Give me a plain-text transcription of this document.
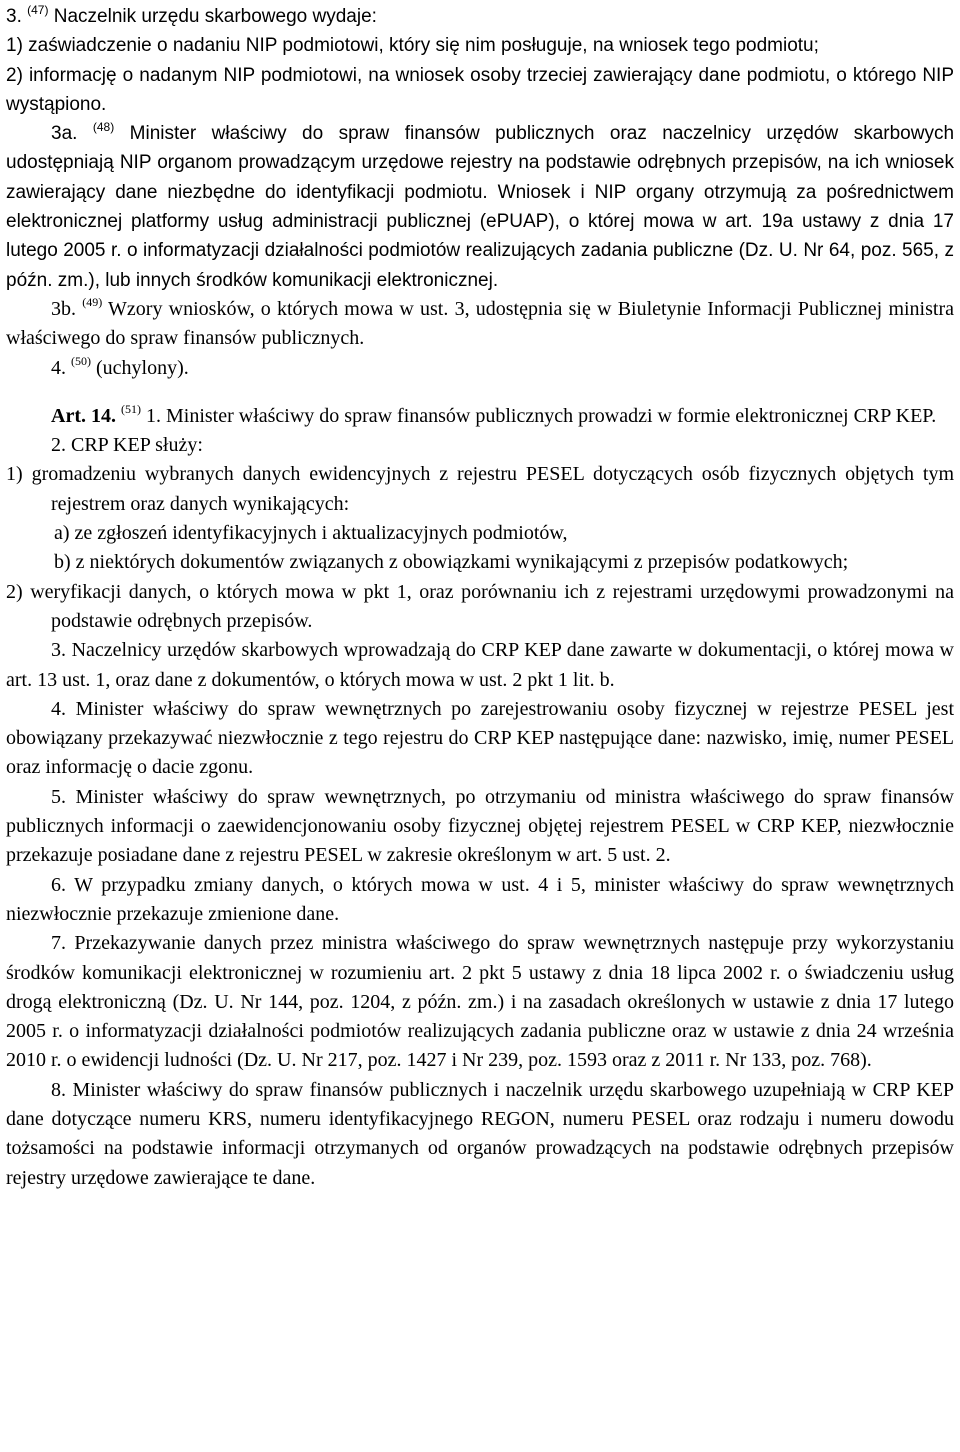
3. $^{(47)}$ Naczelnik urzędu skarbowego wydaje:

1) zaświadczenie o nadaniu NIP podmiotowi, który się nim posługuje, na wniosek tego podmiotu;

2) informację o nadanym NIP podmiotowi, na wniosek osoby trzeciej zawierający dane podmiotu, o którego NIP wystąpiono.

3a. $^{(48)}$ Minister właściwy do spraw finansów publicznych oraz naczelnicy urzędów skarbowych udostępniają NIP organom prowadzącym urzędowe rejestry na podstawie odrębnych przepisów, na ich wniosek zawierający dane niezbędne do identyfikacji podmiotu. Wniosek i NIP organy otrzymują za pośrednictwem elektronicznej platformy usług administracji publicznej (ePUAP), o której mowa w art. 19a ustawy z dnia 17 lutego 2005 r. o informatyzacji działalności podmiotów realizujących zadania publiczne (Dz. U. Nr 64, poz. 565, z późn. zm.), lub innych środków komunikacji elektronicznej.

3b. $^{(49)}$ Wzory wniosków, o których mowa w ust. 3, udostępnia się w Biuletynie Informacji Publicznej ministra właściwego do spraw finansów publicznych.

4. $^{(50)}$ (uchylony).

Art. 14. $^{(51)}$ 1. Minister właściwy do spraw finansów publicznych prowadzi w formie elektronicznej CRP KEP.

2. CRP KEP służy:

1) gromadzeniu wybranych danych ewidencyjnych z rejestru PESEL dotyczących osób fizycznych objętych tym rejestrem oraz danych wynikających:

a) ze zgłoszeń identyfikacyjnych i aktualizacyjnych podmiotów,

b) z niektórych dokumentów związanych z obowiązkami wynikającymi z przepisów podatkowych;

2) weryfikacji danych, o których mowa w pkt 1, oraz porównaniu ich z rejestrami urzędowymi prowadzonymi na podstawie odrębnych przepisów.

3. Naczelnicy urzędów skarbowych wprowadzają do CRP KEP dane zawarte w dokumentacji, o której mowa w art. 13 ust. 1, oraz dane z dokumentów, o których mowa w ust. 2 pkt 1 lit. b.

4. Minister właściwy do spraw wewnętrznych po zarejestrowaniu osoby fizycznej w rejestrze PESEL jest obowiązany przekazywać niezwłocznie z tego rejestru do CRP KEP następujące dane: nazwisko, imię, numer PESEL oraz informację o dacie zgonu.

5. Minister właściwy do spraw wewnętrznych, po otrzymaniu od ministra właściwego do spraw finansów publicznych informacji o zaewidencjonowaniu osoby fizycznej objętej rejestrem PESEL w CRP KEP, niezwłocznie przekazuje posiadane dane z rejestru PESEL w zakresie określonym w art. 5 ust. 2.

6. W przypadku zmiany danych, o których mowa w ust. 4 i 5, minister właściwy do spraw wewnętrznych niezwłocznie przekazuje zmienione dane.

7. Przekazywanie danych przez ministra właściwego do spraw wewnętrznych następuje przy wykorzystaniu środków komunikacji elektronicznej w rozumieniu art. 2 pkt 5 ustawy z dnia 18 lipca 2002 r. o świadczeniu usług drogą elektroniczną (Dz. U. Nr 144, poz. 1204, z późn. zm.) i na zasadach określonych w ustawie z dnia 17 lutego 2005 r. o informatyzacji działalności podmiotów realizujących zadania publiczne oraz w ustawie z dnia 24 września 2010 r. o ewidencji ludności (Dz. U. Nr 217, poz. 1427 i Nr 239, poz. 1593 oraz z 2011 r. Nr 133, poz. 768).

8. Minister właściwy do spraw finansów publicznych i naczelnik urzędu skarbowego uzupełniają w CRP KEP dane dotyczące numeru KRS, numeru identyfikacyjnego REGON, numeru PESEL oraz rodzaju i numeru dowodu tożsamości na podstawie informacji otrzymanych od organów prowadzących na podstawie odrębnych przepisów rejestry urzędowe zawierające te dane.
